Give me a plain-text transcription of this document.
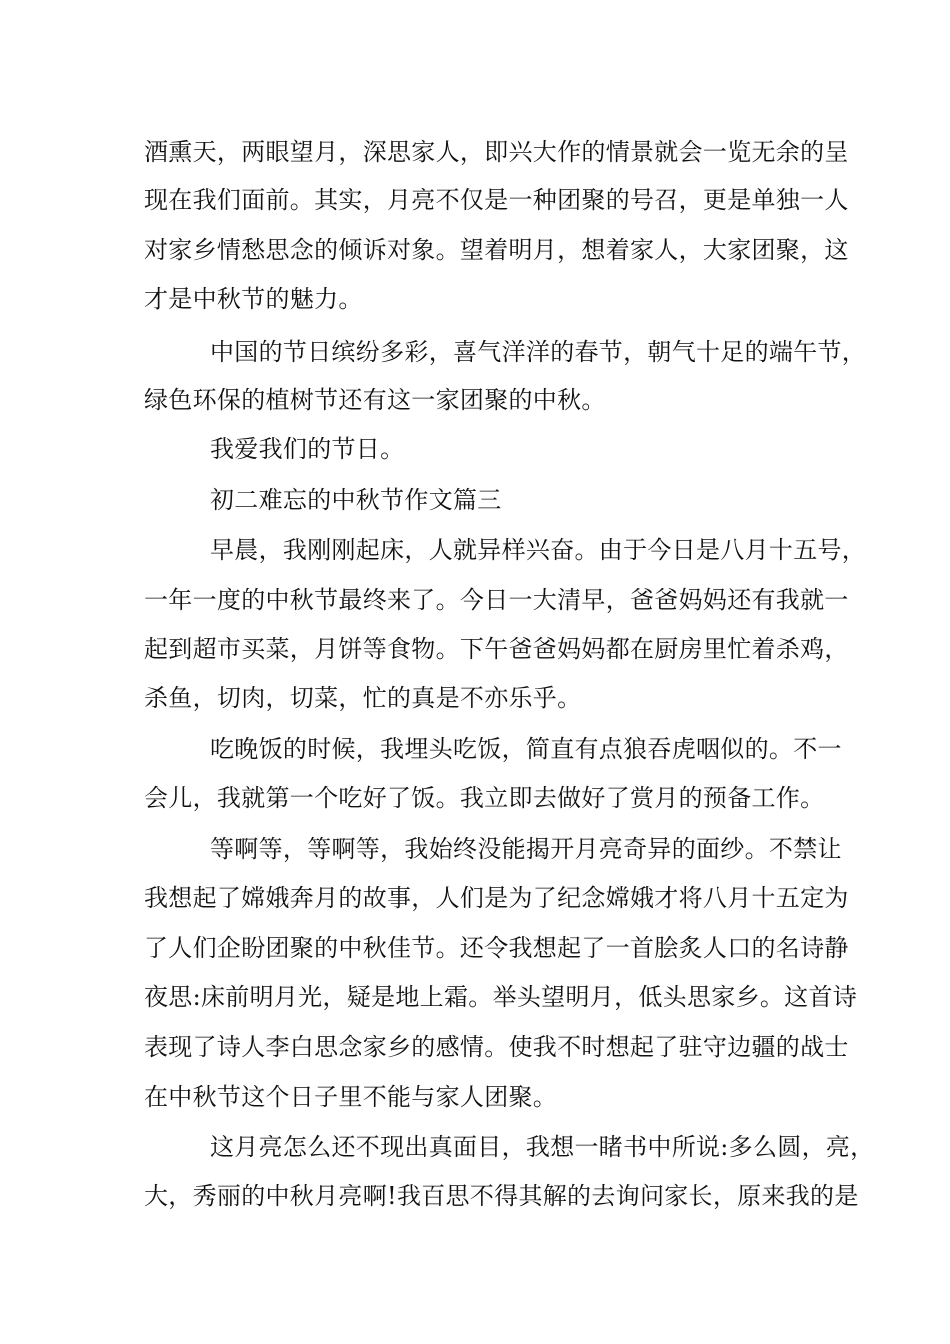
酒熏天，两眼望月，深思家人，即兴大作的情景就会一览无余的呈
现在我们面前。其实，月亮不仅是一种团聚的号召，更是单独一人
对家乡情愁思念的倾诉对象。望着明月，想着家人，大家团聚，这
才是中秋节的魅力。
中国的节日缤纷多彩，喜气洋洋的春节，朝气十足的端午节，
绿色环保的植树节还有这一家团聚的中秋。
我爱我们的节日。
初二难忘的中秋节作文篇三
早晨，我刚刚起床，人就异样兴奋。由于今日是八月十五号，
一年一度的中秋节最终来了。今日一大清早，爸爸妈妈还有我就一
起到超市买菜，月饼等食物。下午爸爸妈妈都在厨房里忙着杀鸡，
杀鱼，切肉，切菜，忙的真是不亦乐乎。
吃晚饭的时候，我埋头吃饭，简直有点狼吞虎咽似的。不一
会儿，我就第一个吃好了饭。我立即去做好了赏月的预备工作。
等啊等，等啊等，我始终没能揭开月亮奇异的面纱。不禁让
我想起了嫦娥奔月的故事，人们是为了纪念嫦娥才将八月十五定为
了人们企盼团聚的中秋佳节。还令我想起了一首脍炙人口的名诗静
夜思:床前明月光，疑是地上霜。举头望明月，低头思家乡。这首诗
表现了诗人李白思念家乡的感情。使我不时想起了驻守边疆的战士
在中秋节这个日子里不能与家人团聚。
这月亮怎么还不现出真面目，我想一睹书中所说:多么圆，亮，
大，秀丽的中秋月亮啊!我百思不得其解的去询问家长，原来我的是
